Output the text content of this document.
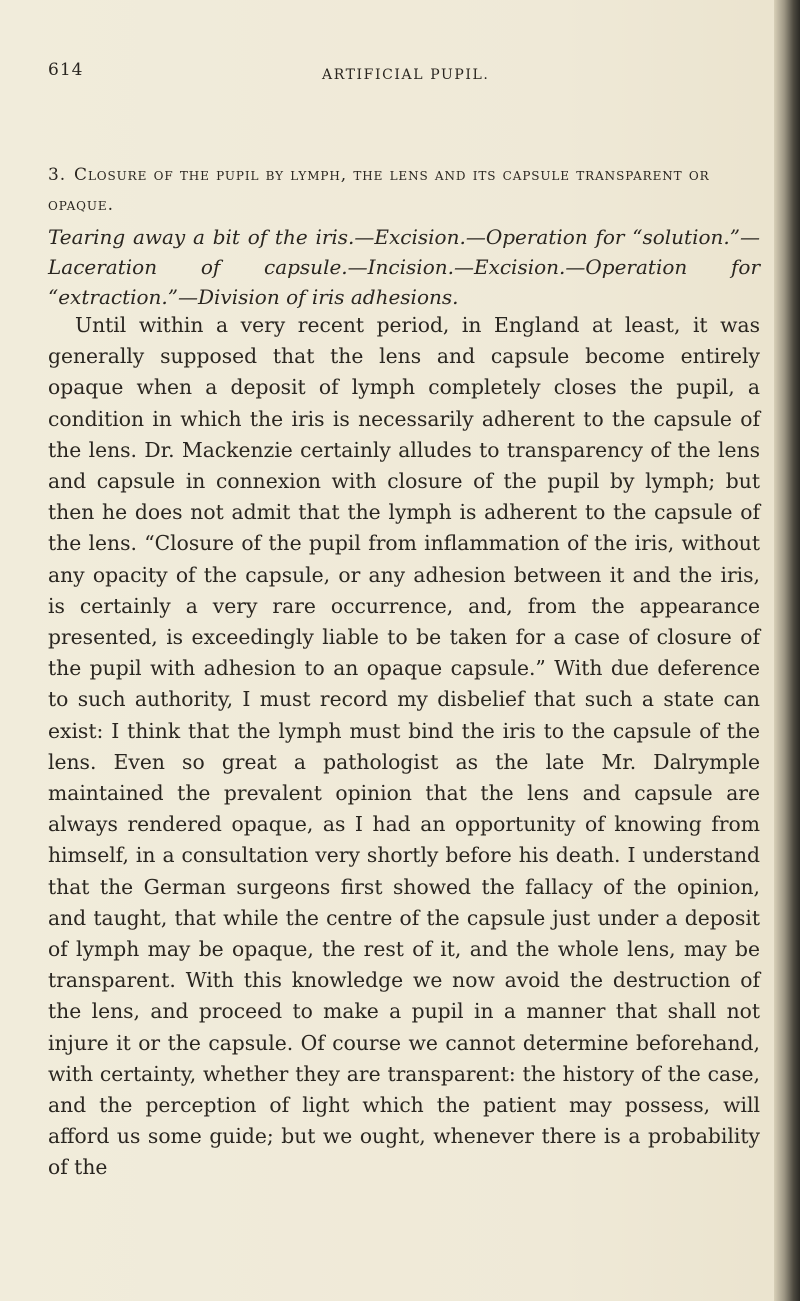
614	ARTIFICIAL PUPIL.
3. Closure of the pupil by lymph, the lens and its capsule transparent or opaque.
Tearing away a bit of the iris.—Excision.—Operation for “solution.”—Laceration of capsule.—Incision.—Excision.—Operation for “extraction.”—Division of iris adhesions.
Until within a very recent period, in England at least, it was generally supposed that the lens and capsule become entirely opaque when a deposit of lymph completely closes the pupil, a condition in which the iris is necessarily adherent to the capsule of the lens. Dr. Mackenzie certainly alludes to transparency of the lens and capsule in connexion with closure of the pupil by lymph; but then he does not admit that the lymph is adherent to the capsule of the lens. “Closure of the pupil from inflammation of the iris, without any opacity of the capsule, or any adhesion between it and the iris, is certainly a very rare occurrence, and, from the appearance presented, is exceedingly liable to be taken for a case of closure of the pupil with adhesion to an opaque capsule.” With due deference to such authority, I must record my disbelief that such a state can exist: I think that the lymph must bind the iris to the capsule of the lens. Even so great a pathologist as the late Mr. Dalrymple maintained the prevalent opinion that the lens and capsule are always rendered opaque, as I had an opportunity of knowing from himself, in a consultation very shortly before his death. I understand that the German surgeons first showed the fallacy of the opinion, and taught, that while the centre of the capsule just under a deposit of lymph may be opaque, the rest of it, and the whole lens, may be transparent. With this knowledge we now avoid the destruction of the lens, and proceed to make a pupil in a manner that shall not injure it or the capsule. Of course we cannot determine beforehand, with certainty, whether they are transparent: the history of the case, and the perception of light which the patient may possess, will afford us some guide; but we ought, whenever there is a probability of the
